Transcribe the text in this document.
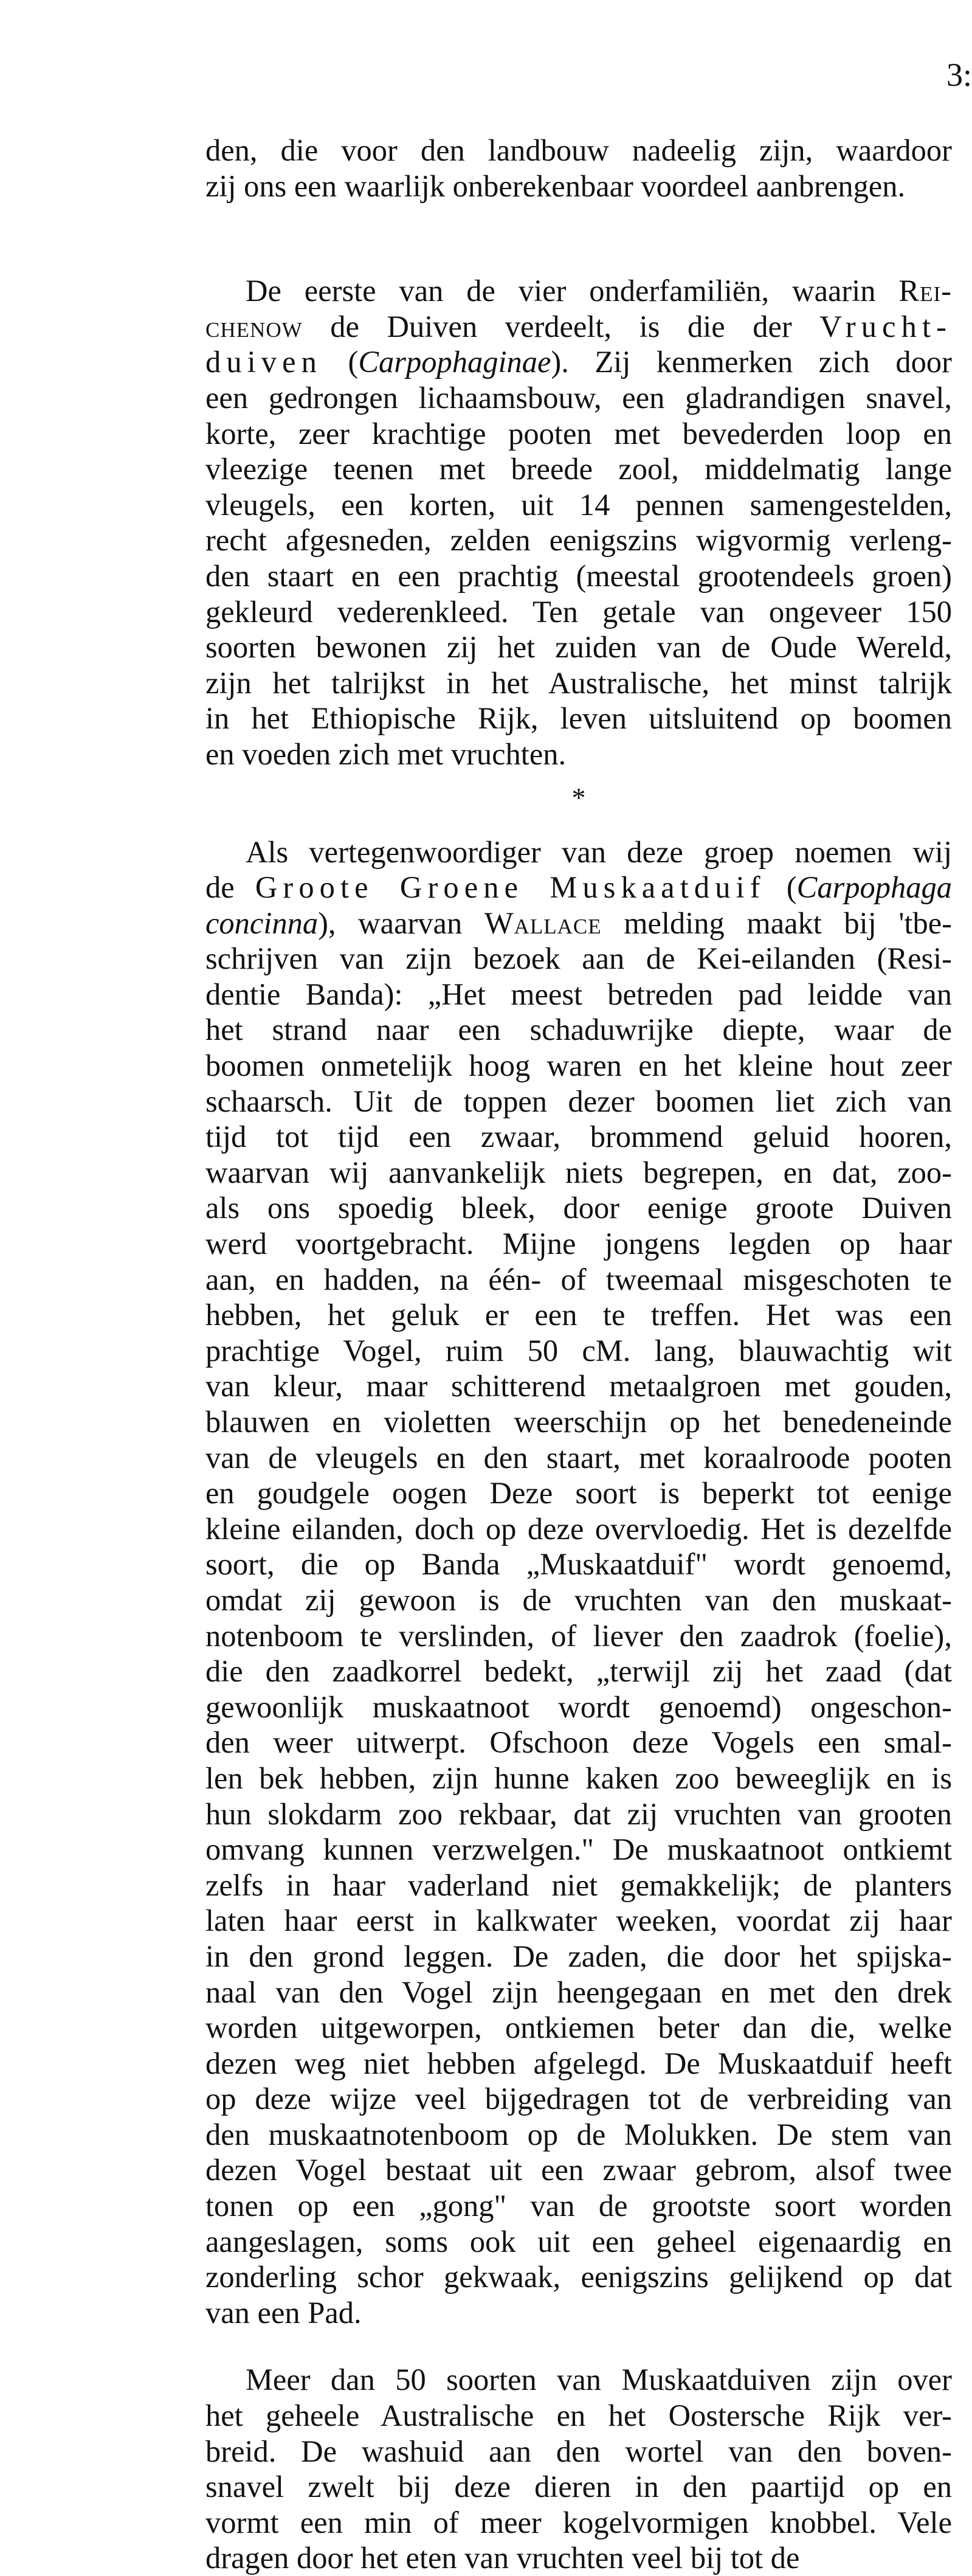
3:

den, die voor den landbouw nadeelig zijn, waardoor

zij ons een waarlijk onberekenbaar voordeel aanbrengen.

De eerste van de vier onderfamiliën, waarin Rei-

chenow de Duiven verdeelt, is die der Vrucht-

duiven (Carpophaginae). Zij kenmerken zich door

een gedrongen lichaamsbouw, een gladrandigen snavel,

korte, zeer krachtige pooten met bevederden loop en

vleezige teenen met breede zool, middelmatig lange

vleugels, een korten, uit 14 pennen samengestelden,

recht afgesneden, zelden eenigszins wigvormig verleng-

den staart en een prachtig (meestal grootendeels groen)

gekleurd vederenkleed. Ten getale van ongeveer 150

soorten bewonen zij het zuiden van de Oude Wereld,

zijn het talrijkst in het Australische, het minst talrijk

in het Ethiopische Rijk, leven uitsluitend op boomen

en voeden zich met vruchten.

*

Als vertegenwoordiger van deze groep noemen wij

de Groote Groene Muskaatduif (Carpophaga

concinna), waarvan Wallace melding maakt bij 'tbe-

schrijven van zijn bezoek aan de Kei-eilanden (Resi-

dentie Banda): „Het meest betreden pad leidde van

het strand naar een schaduwrijke diepte, waar de

boomen onmetelijk hoog waren en het kleine hout zeer

schaarsch. Uit de toppen dezer boomen liet zich van

tijd tot tijd een zwaar, brommend geluid hooren,

waarvan wij aanvankelijk niets begrepen, en dat, zoo-

als ons spoedig bleek, door eenige groote Duiven

werd voortgebracht. Mijne jongens legden op haar

aan, en hadden, na één- of tweemaal misgeschoten te

hebben, het geluk er een te treffen. Het was een

prachtige Vogel, ruim 50 cM. lang, blauwachtig wit

van kleur, maar schitterend metaalgroen met gouden,

blauwen en violetten weerschijn op het benedeneinde

van de vleugels en den staart, met koraalroode pooten

en goudgele oogen Deze soort is beperkt tot eenige

kleine eilanden, doch op deze overvloedig. Het is dezelfde

soort, die op Banda „Muskaatduif" wordt genoemd,

omdat zij gewoon is de vruchten van den muskaat-

notenboom te verslinden, of liever den zaadrok (foelie),

die den zaadkorrel bedekt, „terwijl zij het zaad (dat

gewoonlijk muskaatnoot wordt genoemd) ongeschon-

den weer uitwerpt. Ofschoon deze Vogels een smal-

len bek hebben, zijn hunne kaken zoo beweeglijk en is

hun slokdarm zoo rekbaar, dat zij vruchten van grooten

omvang kunnen verzwelgen." De muskaatnoot ontkiemt

zelfs in haar vaderland niet gemakkelijk; de planters

laten haar eerst in kalkwater weeken, voordat zij haar

in den grond leggen. De zaden, die door het spijska-

naal van den Vogel zijn heengegaan en met den drek

worden uitgeworpen, ontkiemen beter dan die, welke

dezen weg niet hebben afgelegd. De Muskaatduif heeft

op deze wijze veel bijgedragen tot de verbreiding van

den muskaatnotenboom op de Molukken. De stem van

dezen Vogel bestaat uit een zwaar gebrom, alsof twee

tonen op een „gong" van de grootste soort worden

aangeslagen, soms ook uit een geheel eigenaardig en

zonderling schor gekwaak, eenigszins gelijkend op dat

van een Pad.

Meer dan 50 soorten van Muskaatduiven zijn over

het geheele Australische en het Oostersche Rijk ver-

breid. De washuid aan den wortel van den boven-

snavel zwelt bij deze dieren in den paartijd op en

vormt een min of meer kogelvormigen knobbel. Vele

dragen door het eten van vruchten veel bij tot de
